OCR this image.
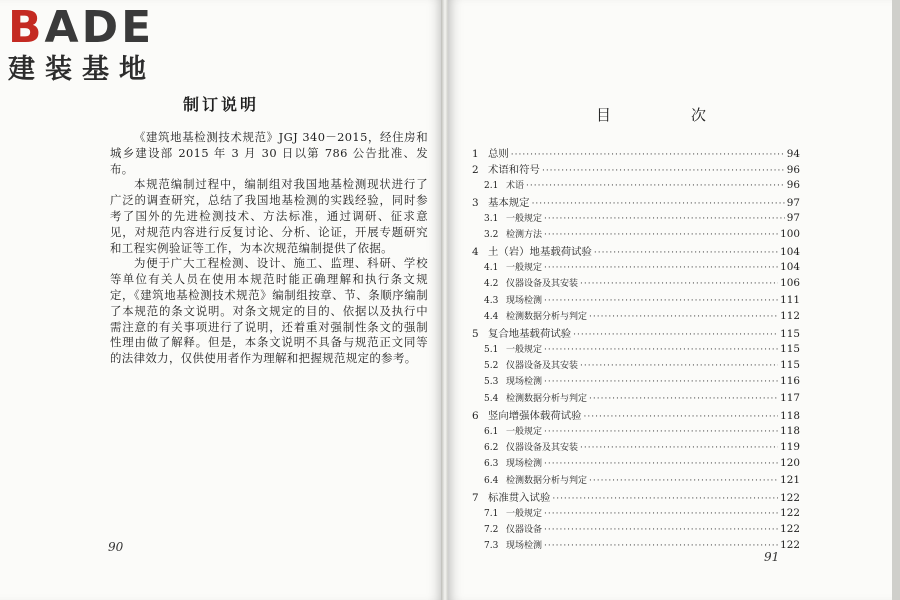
BADE
建装基地
制订说明

《建筑地基检测技术规范》JGJ 340－2015，经住房和城乡建设部 2015 年 3 月 30 日以第 786 公告批准、发布。

本规范编制过程中，编制组对我国地基检测现状进行了广泛的调查研究，总结了我国地基检测的实践经验，同时参考了国外的先进检测技术、方法标准，通过调研、征求意见，对规范内容进行反复讨论、分析、论证，开展专题研究和工程实例验证等工作，为本次规范编制提供了依据。

为便于广大工程检测、设计、施工、监理、科研、学校等单位有关人员在使用本规范时能正确理解和执行条文规定，《建筑地基检测技术规范》编制组按章、节、条顺序编制了本规范的条文说明。对条文规定的目的、依据以及执行中需注意的有关事项进行了说明，还着重对强制性条文的强制性理由做了解释。但是，本条文说明不具备与规范正文同等的法律效力，仅供使用者作为理解和把握规范规定的参考。

90
目	次
1 总则 ·····	94
2 术语和符号 ·····	96
2.1 术语 ·····	96
3 基本规定 ·····	97
3.1 一般规定 ·····	97
3.2 检测方法 ·····	100
4 土（岩）地基载荷试验 ·····	104
4.1 一般规定 ·····	104
4.2 仪器设备及其安装 ·····	106
4.3 现场检测 ·····	111
4.4 检测数据分析与判定 ·····	112
5 复合地基载荷试验 ·····	115
5.1 一般规定 ·····	115
5.2 仪器设备及其安装 ·····	115
5.3 现场检测 ·····	116
5.4 检测数据分析与判定 ·····	117
6 竖向增强体载荷试验 ·····	118
6.1 一般规定 ·····	118
6.2 仪器设备及其安装 ·····	119
6.3 现场检测 ·····	120
6.4 检测数据分析与判定 ·····	121
7 标准贯入试验 ·····	122
7.1 一般规定 ·····	122
7.2 仪器设备 ·····	122
7.3 现场检测 ·····	122
91
